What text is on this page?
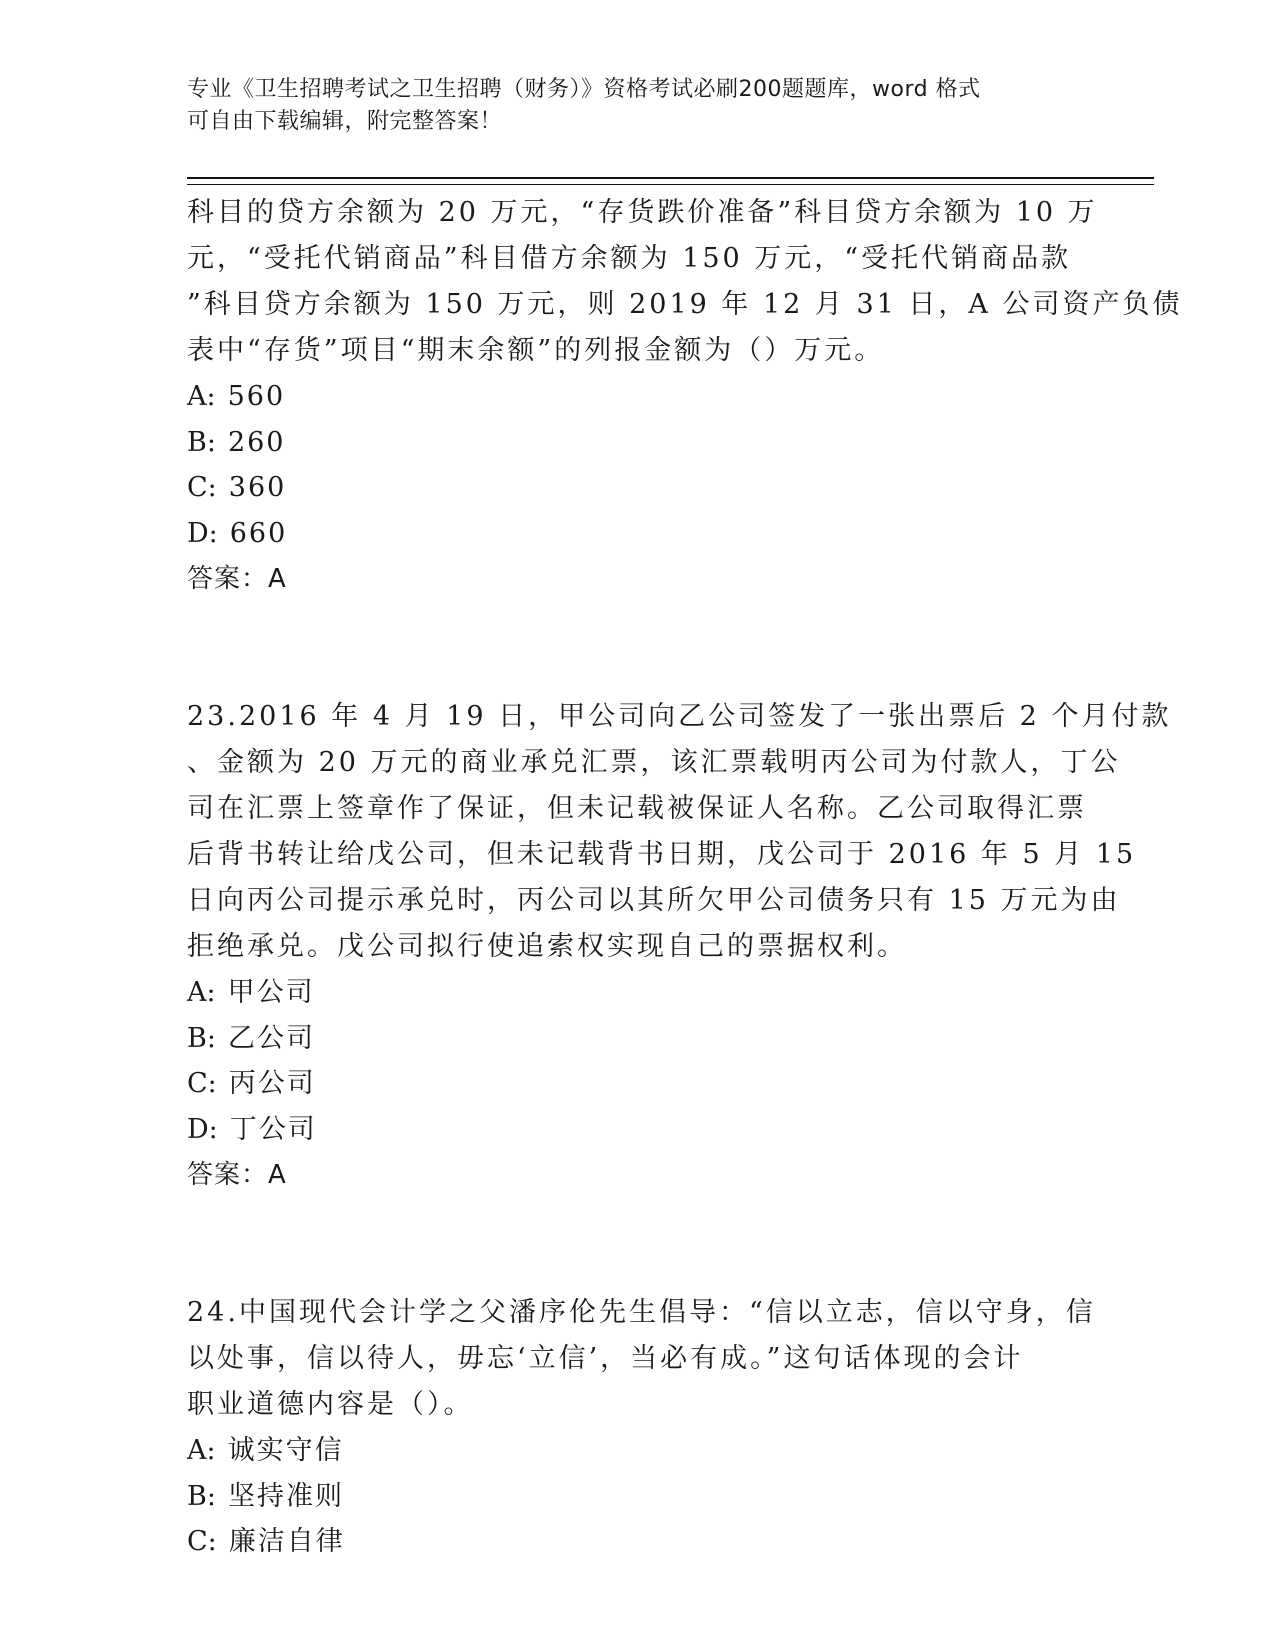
专业《卫生招聘考试之卫生招聘（财务）》资格考试必刷200题题库，word 格式

可自由下载编辑，附完整答案！

科目的贷方余额为 20 万元，“存货跌价准备”科目贷方余额为 10 万

元，“受托代销商品”科目借方余额为 150 万元，“受托代销商品款

”科目贷方余额为 150 万元，则 2019 年 12 月 31 日，A 公司资产负债

表中“存货”项目“期末余额”的列报金额为（）万元。

A: 560

B: 260

C: 360

D: 660

答案：A

23.2016 年 4 月 19 日，甲公司向乙公司签发了一张出票后 2 个月付款

、金额为 20 万元的商业承兑汇票，该汇票载明丙公司为付款人，丁公

司在汇票上签章作了保证，但未记载被保证人名称。乙公司取得汇票

后背书转让给戊公司，但未记载背书日期，戊公司于 2016 年 5 月 15

日向丙公司提示承兑时，丙公司以其所欠甲公司债务只有 15 万元为由

拒绝承兑。戊公司拟行使追索权实现自己的票据权利。

A: 甲公司

B: 乙公司

C: 丙公司

D: 丁公司

答案：A

24.中国现代会计学之父潘序伦先生倡导：“信以立志，信以守身，信

以处事，信以待人，毋忘‘立信’，当必有成。”这句话体现的会计

职业道德内容是（）。

A: 诚实守信

B: 坚持准则

C: 廉洁自律
